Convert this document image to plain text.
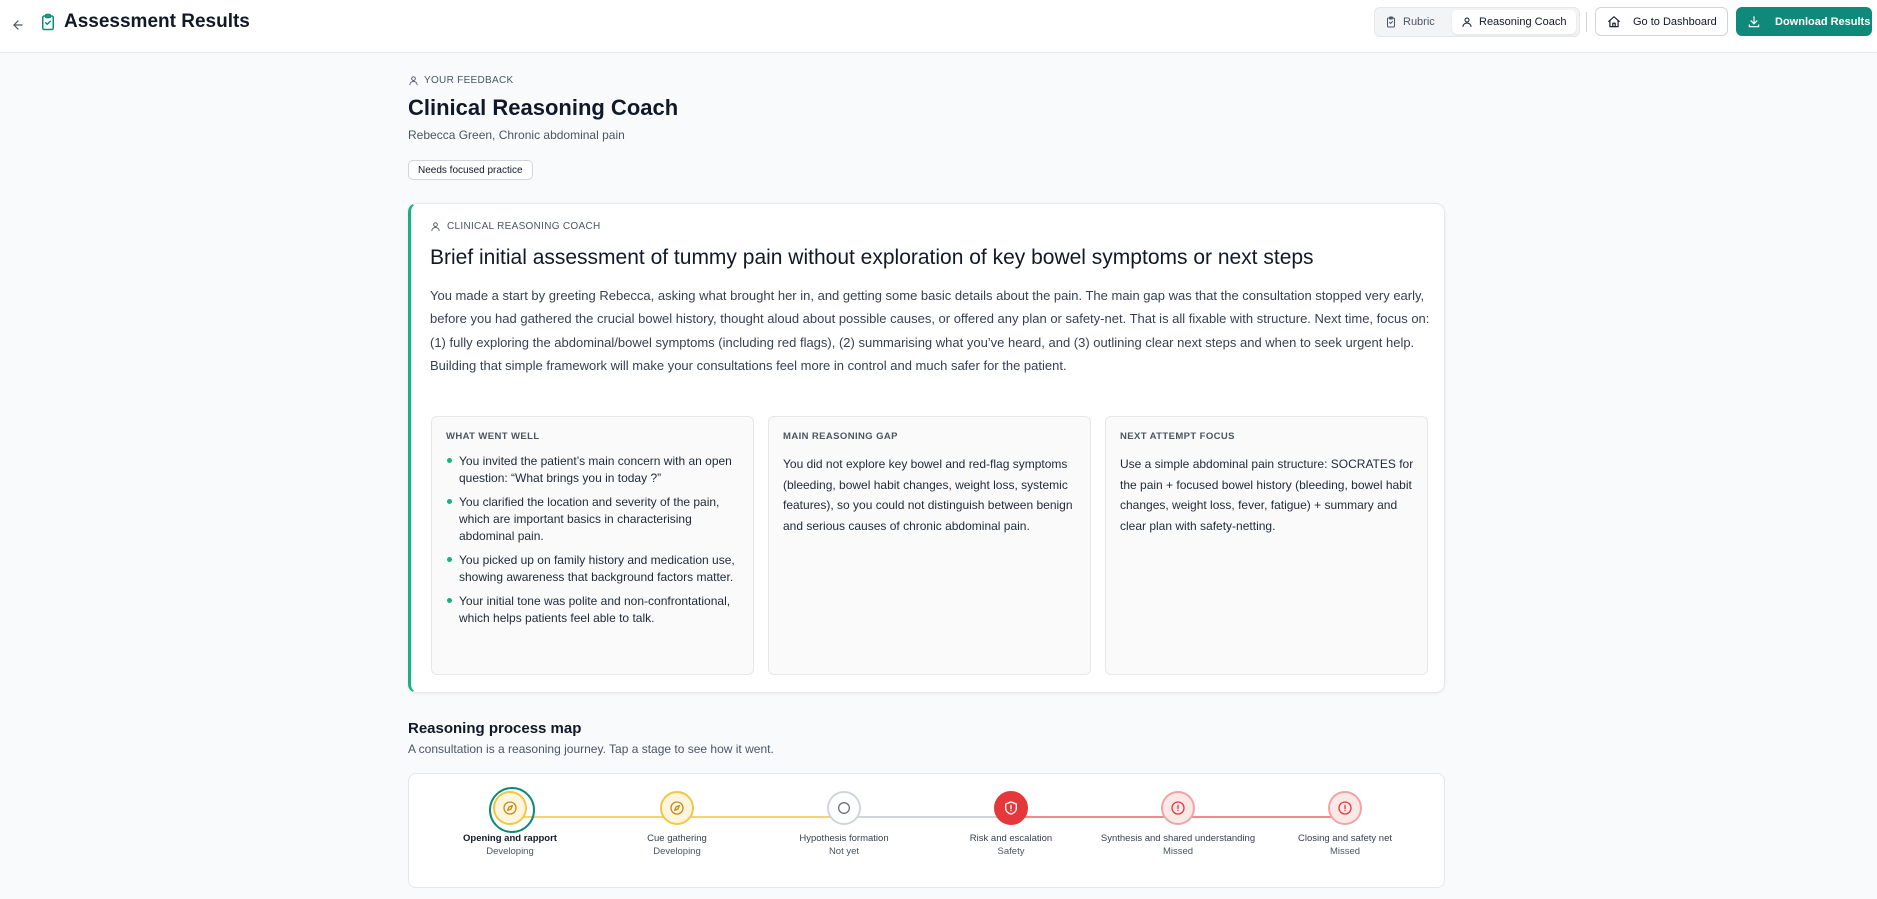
Assessment Results	Rubric	Reasoning Coach	Go to Dashboard	Download Results
YOUR FEEDBACK
Clinical Reasoning Coach
Rebecca Green, Chronic abdominal pain
Needs focused practice
CLINICAL REASONING COACH
Brief initial assessment of tummy pain without exploration of key bowel symptoms or next steps
You made a start by greeting Rebecca, asking what brought her in, and getting some basic details about the pain. The main gap was that the consultation stopped very early, before you had gathered the crucial bowel history, thought aloud about possible causes, or offered any plan or safety-net. That is all fixable with structure. Next time, focus on: (1) fully exploring the abdominal/bowel symptoms (including red flags), (2) summarising what you’ve heard, and (3) outlining clear next steps and when to seek urgent help. Building that simple framework will make your consultations feel more in control and much safer for the patient.
WHAT WENT WELL
You invited the patient’s main concern with an open question: “What brings you in today ?”
You clarified the location and severity of the pain, which are important basics in characterising abdominal pain.
You picked up on family history and medication use, showing awareness that background factors matter.
Your initial tone was polite and non-confrontational, which helps patients feel able to talk.
MAIN REASONING GAP
You did not explore key bowel and red-flag symptoms (bleeding, bowel habit changes, weight loss, systemic features), so you could not distinguish between benign and serious causes of chronic abdominal pain.
NEXT ATTEMPT FOCUS
Use a simple abdominal pain structure: SOCRATES for the pain + focused bowel history (bleeding, bowel habit changes, weight loss, fever, fatigue) + summary and clear plan with safety-netting.
Reasoning process map
A consultation is a reasoning journey. Tap a stage to see how it went.
Opening and rapport
Developing
Cue gathering
Developing
Hypothesis formation
Not yet
Risk and escalation
Safety
Synthesis and shared understanding
Missed
Closing and safety net
Missed
